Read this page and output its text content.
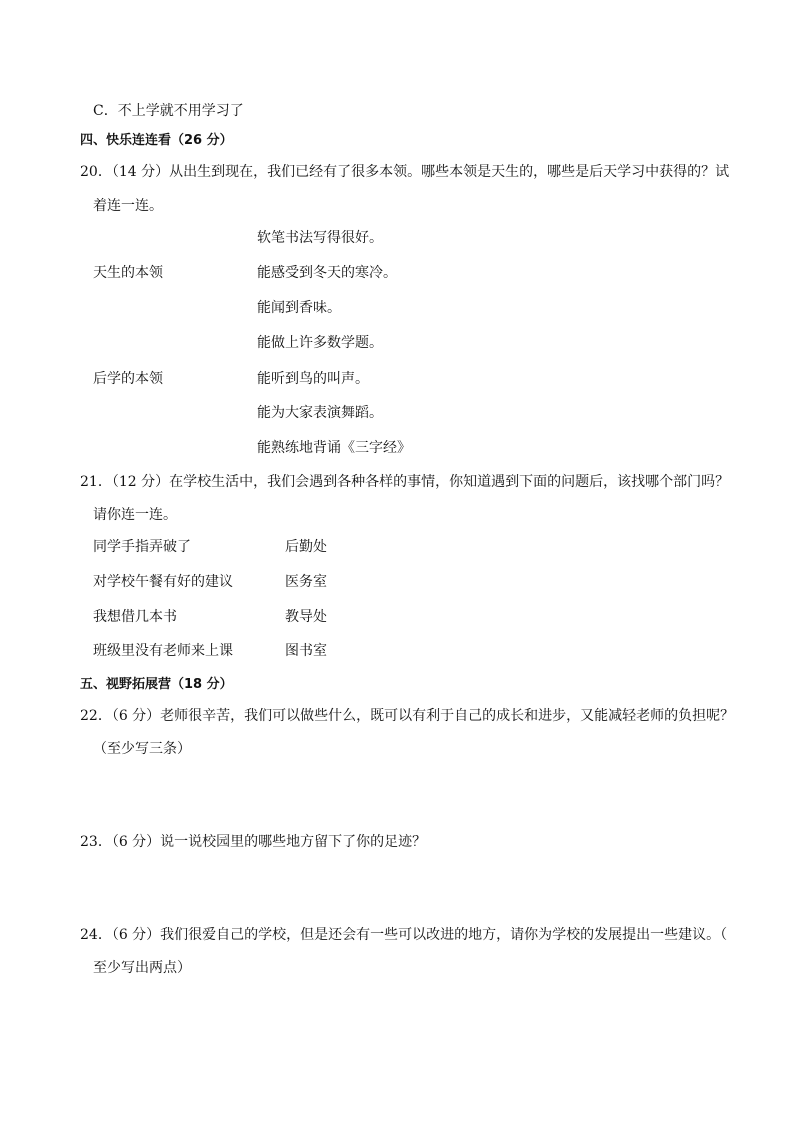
C．不上学就不用学习了
四、快乐连连看（26 分）
20．（14 分）从出生到现在，我们已经有了很多本领。哪些本领是天生的，哪些是后天学习中获得的？试
着连一连。
天生的本领
后学的本领
软笔书法写得很好。
能感受到冬天的寒冷。
能闻到香味。
能做上许多数学题。
能听到鸟的叫声。
能为大家表演舞蹈。
能熟练地背诵《三字经》
21．（12 分）在学校生活中，我们会遇到各种各样的事情，你知道遇到下面的问题后，该找哪个部门吗？
请你连一连。
同学手指弄破了
对学校午餐有好的建议
我想借几本书
班级里没有老师来上课
后勤处
医务室
教导处
图书室
五、视野拓展营（18 分）
22．（6 分）老师很辛苦，我们可以做些什么，既可以有利于自己的成长和进步，又能减轻老师的负担呢？
（至少写三条）
23．（6 分）说一说校园里的哪些地方留下了你的足迹？
24．（6 分）我们很爱自己的学校，但是还会有一些可以改进的地方，请你为学校的发展提出一些建议。（
至少写出两点）
